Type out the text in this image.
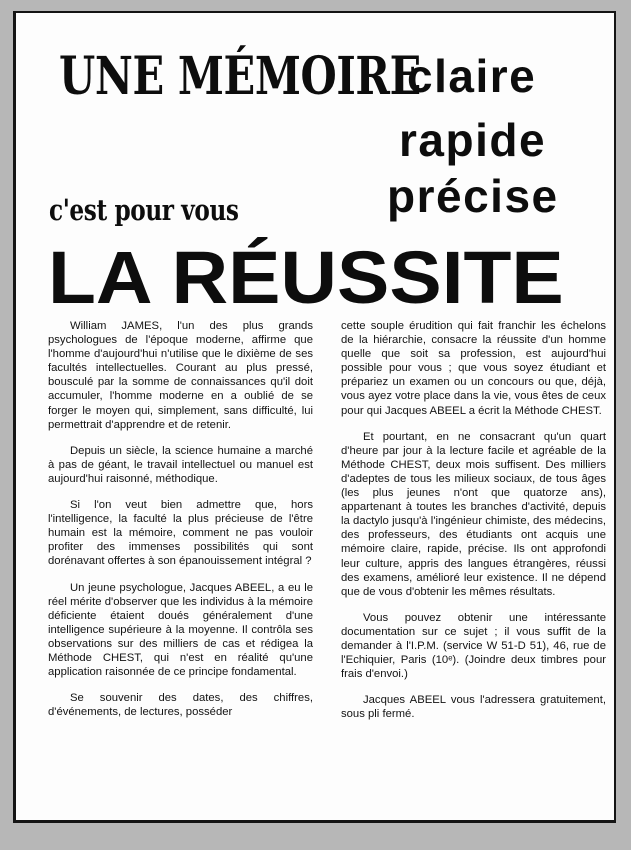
UNE MÉMOIRE
claire
rapide
précise
c'est pour vous
LA RÉUSSITE

William JAMES, l'un des plus grands psychologues de l'époque moderne, affirme que l'homme d'aujourd'hui n'utilise que le dixième de ses facultés intellectuelles. Courant au plus pressé, bousculé par la somme de connaissances qu'il doit accumuler, l'homme moderne en a oublié de se forger le moyen qui, simplement, sans difficulté, lui permettrait d'apprendre et de retenir.

Depuis un siècle, la science humaine a marché à pas de géant, le travail intellectuel ou manuel est aujourd'hui raisonné, méthodique.

Si l'on veut bien admettre que, hors l'intelligence, la faculté la plus précieuse de l'être humain est la mémoire, comment ne pas vouloir profiter des immenses possibilités qui sont dorénavant offertes à son épanouissement intégral ?

Un jeune psychologue, Jacques ABEEL, a eu le réel mérite d'observer que les individus à la mémoire déficiente étaient doués généralement d'une intelligence supérieure à la moyenne. Il contrôla ses observations sur des milliers de cas et rédigea la Méthode CHEST, qui n'est en réalité qu'une application raisonnée de ce principe fondamental.

Se souvenir des dates, des chiffres, d'événements, de lectures, posséder

cette souple érudition qui fait franchir les échelons de la hiérarchie, consacre la réussite d'un homme quelle que soit sa profession, est aujourd'hui possible pour vous ; que vous soyez étudiant et prépariez un examen ou un concours ou que, déjà, vous ayez votre place dans la vie, vous êtes de ceux pour qui Jacques ABEEL a écrit la Méthode CHEST.

Et pourtant, en ne consacrant qu'un quart d'heure par jour à la lecture facile et agréable de la Méthode CHEST, deux mois suffisent. Des milliers d'adeptes de tous les milieux sociaux, de tous âges (les plus jeunes n'ont que quatorze ans), appartenant à toutes les branches d'activité, depuis la dactylo jusqu'à l'ingénieur chimiste, des médecins, des professeurs, des étudiants ont acquis une mémoire claire, rapide, précise. Ils ont approfondi leur culture, appris des langues étrangères, réussi des examens, amélioré leur existence. Il ne dépend que de vous d'obtenir les mêmes résultats.

Vous pouvez obtenir une intéressante documentation sur ce sujet ; il vous suffit de la demander à l'I.P.M. (service W 51-D 51), 46, rue de l'Echiquier, Paris (10ᵉ). (Joindre deux timbres pour frais d'envoi.)

Jacques ABEEL vous l'adressera gratuitement, sous pli fermé.
